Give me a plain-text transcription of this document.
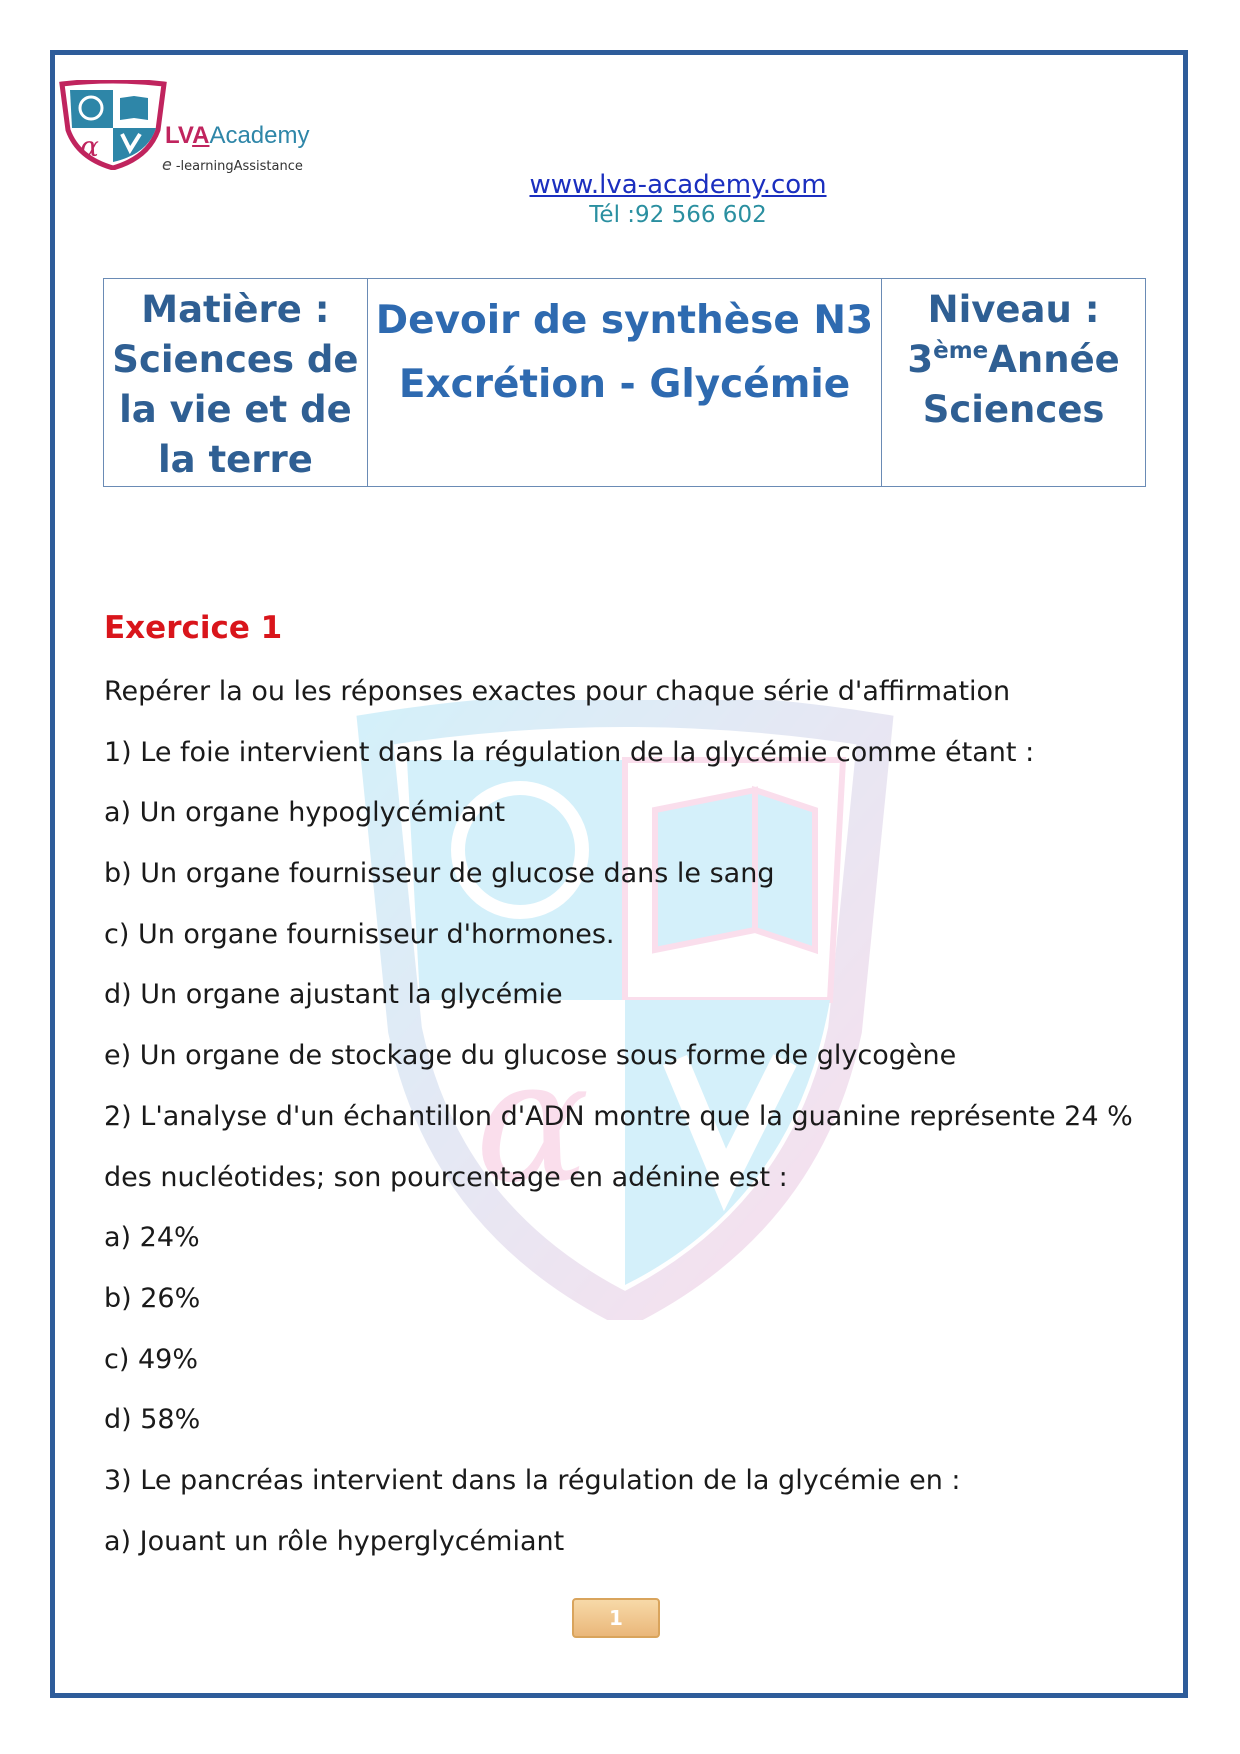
α
α	LVAAcademy
e -learningAssistance
www.lva-academy.com
Tél :92 566 602
Matière :
Sciences de la vie et de la terre

Devoir de synthèse N3
Excrétion - Glycémie

Niveau :
3èmeAnnée
Sciences
Exercice 1
Repérer la ou les réponses exactes pour chaque série d'affirmation
1) Le foie intervient dans la régulation de la glycémie comme étant :
a) Un organe hypoglycémiant
b) Un organe fournisseur de glucose dans le sang
c) Un organe fournisseur d'hormones.
d) Un organe ajustant la glycémie
e) Un organe de stockage du glucose sous forme de glycogène
2) L'analyse d'un échantillon d'ADN montre que la guanine représente 24 %
des nucléotides; son pourcentage en adénine est :
a) 24%
b) 26%
c) 49%
d) 58%
3) Le pancréas intervient dans la régulation de la glycémie en :
a) Jouant un rôle hyperglycémiant
1
